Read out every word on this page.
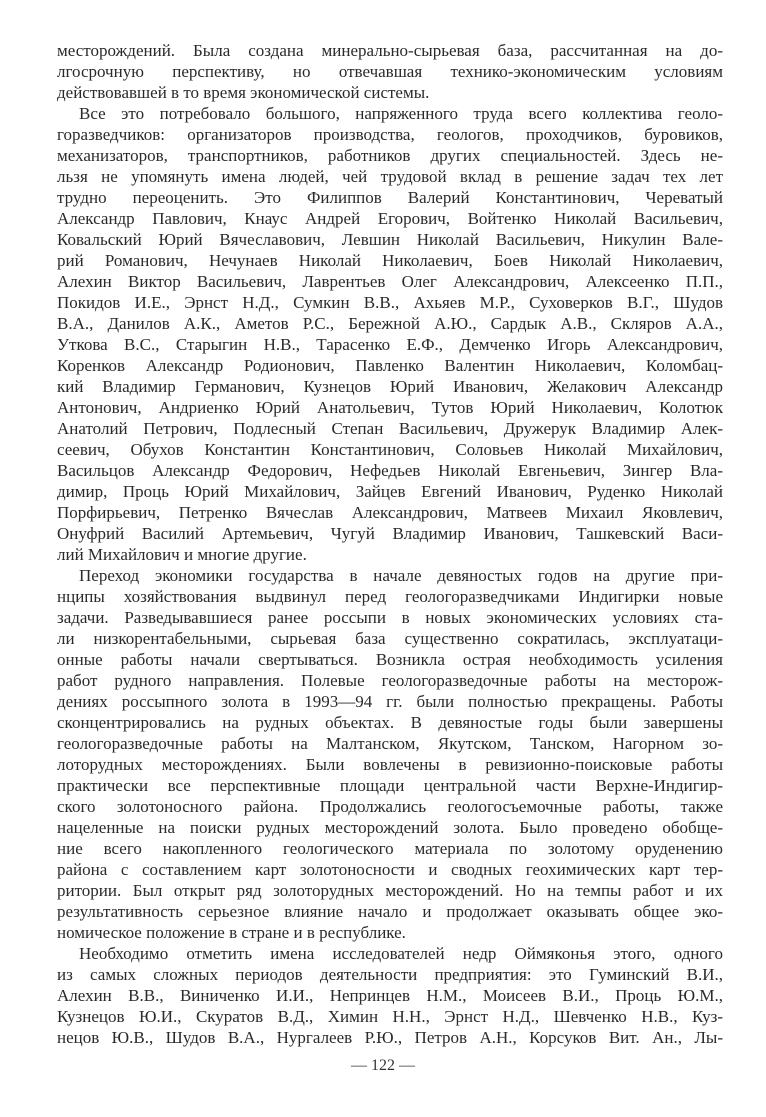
месторождений. Была создана минерально-сырьевая база, рассчитанная на до-
лгосрочную перспективу, но отвечавшая технико-экономическим условиям
действовавшей в то время экономической системы.
Все это потребовало большого, напряженного труда всего коллектива геоло-
горазведчиков: организаторов производства, геологов, проходчиков, буровиков,
механизаторов, транспортников, работников других специальностей. Здесь не-
льзя не упомянуть имена людей, чей трудовой вклад в решение задач тех лет
трудно переоценить. Это Филиппов Валерий Константинович, Череватый
Александр Павлович, Кнаус Андрей Егорович, Войтенко Николай Васильевич,
Ковальский Юрий Вячеславович, Левшин Николай Васильевич, Никулин Вале-
рий Романович, Нечунаев Николай Николаевич, Боев Николай Николаевич,
Алехин Виктор Васильевич, Лаврентьев Олег Александрович, Алексеенко П.П.,
Покидов И.Е., Эрнст Н.Д., Сумкин В.В., Ахьяев М.Р., Суховерков В.Г., Шудов
В.А., Данилов А.К., Аметов Р.С., Бережной А.Ю., Сардык А.В., Скляров А.А.,
Уткова В.С., Старыгин Н.В., Тарасенко Е.Ф., Демченко Игорь Александрович,
Коренков Александр Родионович, Павленко Валентин Николаевич, Коломбац-
кий Владимир Германович, Кузнецов Юрий Иванович, Желакович Александр
Антонович, Андриенко Юрий Анатольевич, Тутов Юрий Николаевич, Колотюк
Анатолий Петрович, Подлесный Степан Васильевич, Дружерук Владимир Алек-
сеевич, Обухов Константин Константинович, Соловьев Николай Михайлович,
Васильцов Александр Федорович, Нефедьев Николай Евгеньевич, Зингер Вла-
димир, Проць Юрий Михайлович, Зайцев Евгений Иванович, Руденко Николай
Порфирьевич, Петренко Вячеслав Александрович, Матвеев Михаил Яковлевич,
Онуфрий Василий Артемьевич, Чугуй Владимир Иванович, Ташкевский Васи-
лий Михайлович и многие другие.
Переход экономики государства в начале девяностых годов на другие при-
нципы хозяйствования выдвинул перед геологоразведчиками Индигирки новые
задачи. Разведывавшиеся ранее россыпи в новых экономических условиях ста-
ли низкорентабельными, сырьевая база существенно сократилась, эксплуатаци-
онные работы начали свертываться. Возникла острая необходимость усиления
работ рудного направления. Полевые геологоразведочные работы на месторож-
дениях россыпного золота в 1993—94 гг. были полностью прекращены. Работы
сконцентрировались на рудных объектах. В девяностые годы были завершены
геологоразведочные работы на Малтанском, Якутском, Танском, Нагорном зо-
лоторудных месторождениях. Были вовлечены в ревизионно-поисковые работы
практически все перспективные площади центральной части Верхне-Индигир-
ского золотоносного района. Продолжались геологосъемочные работы, также
нацеленные на поиски рудных месторождений золота. Было проведено обобще-
ние всего накопленного геологического материала по золотому оруденению
района с составлением карт золотоносности и сводных геохимических карт тер-
ритории. Был открыт ряд золоторудных месторождений. Но на темпы работ и их
результативность серьезное влияние начало и продолжает оказывать общее эко-
номическое положение в стране и в республике.
Необходимо отметить имена исследователей недр Оймяконья этого, одного
из самых сложных периодов деятельности предприятия: это Гуминский В.И.,
Алехин В.В., Виниченко И.И., Непринцев Н.М., Моисеев В.И., Проць Ю.М.,
Кузнецов Ю.И., Скуратов В.Д., Химин Н.Н., Эрнст Н.Д., Шевченко Н.В., Куз-
нецов Ю.В., Шудов В.А., Нургалеев Р.Ю., Петров А.Н., Корсуков Вит. Ан., Лы-
— 122 —
